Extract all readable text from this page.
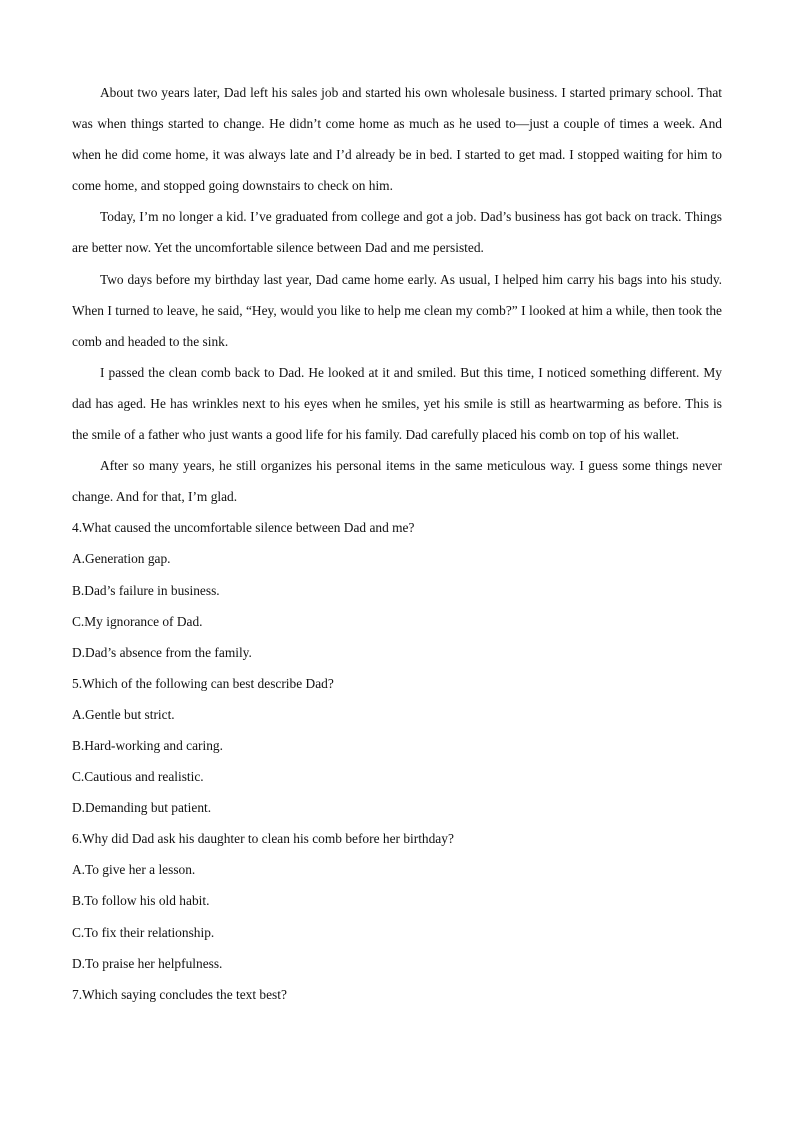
About two years later, Dad left his sales job and started his own wholesale business. I started primary school. That was when things started to change. He didn’t come home as much as he used to—just a couple of times a week. And when he did come home, it was always late and I’d already be in bed. I started to get mad. I stopped waiting for him to come home, and stopped going downstairs to check on him.

Today, I’m no longer a kid. I’ve graduated from college and got a job. Dad’s business has got back on track. Things are better now. Yet the uncomfortable silence between Dad and me persisted.

Two days before my birthday last year, Dad came home early. As usual, I helped him carry his bags into his study. When I turned to leave, he said, “Hey, would you like to help me clean my comb?” I looked at him a while, then took the comb and headed to the sink.

I passed the clean comb back to Dad. He looked at it and smiled. But this time, I noticed something different. My dad has aged. He has wrinkles next to his eyes when he smiles, yet his smile is still as heartwarming as before. This is the smile of a father who just wants a good life for his family. Dad carefully placed his comb on top of his wallet.

After so many years, he still organizes his personal items in the same meticulous way. I guess some things never change. And for that, I’m glad.

4.What caused the uncomfortable silence between Dad and me?

A.Generation gap.

B.Dad’s failure in business.

C.My ignorance of Dad.

D.Dad’s absence from the family.

5.Which of the following can best describe Dad?

A.Gentle but strict.

B.Hard-working and caring.

C.Cautious and realistic.

D.Demanding but patient.

6.Why did Dad ask his daughter to clean his comb before her birthday?

A.To give her a lesson.

B.To follow his old habit.

C.To fix their relationship.

D.To praise her helpfulness.

7.Which saying concludes the text best?
